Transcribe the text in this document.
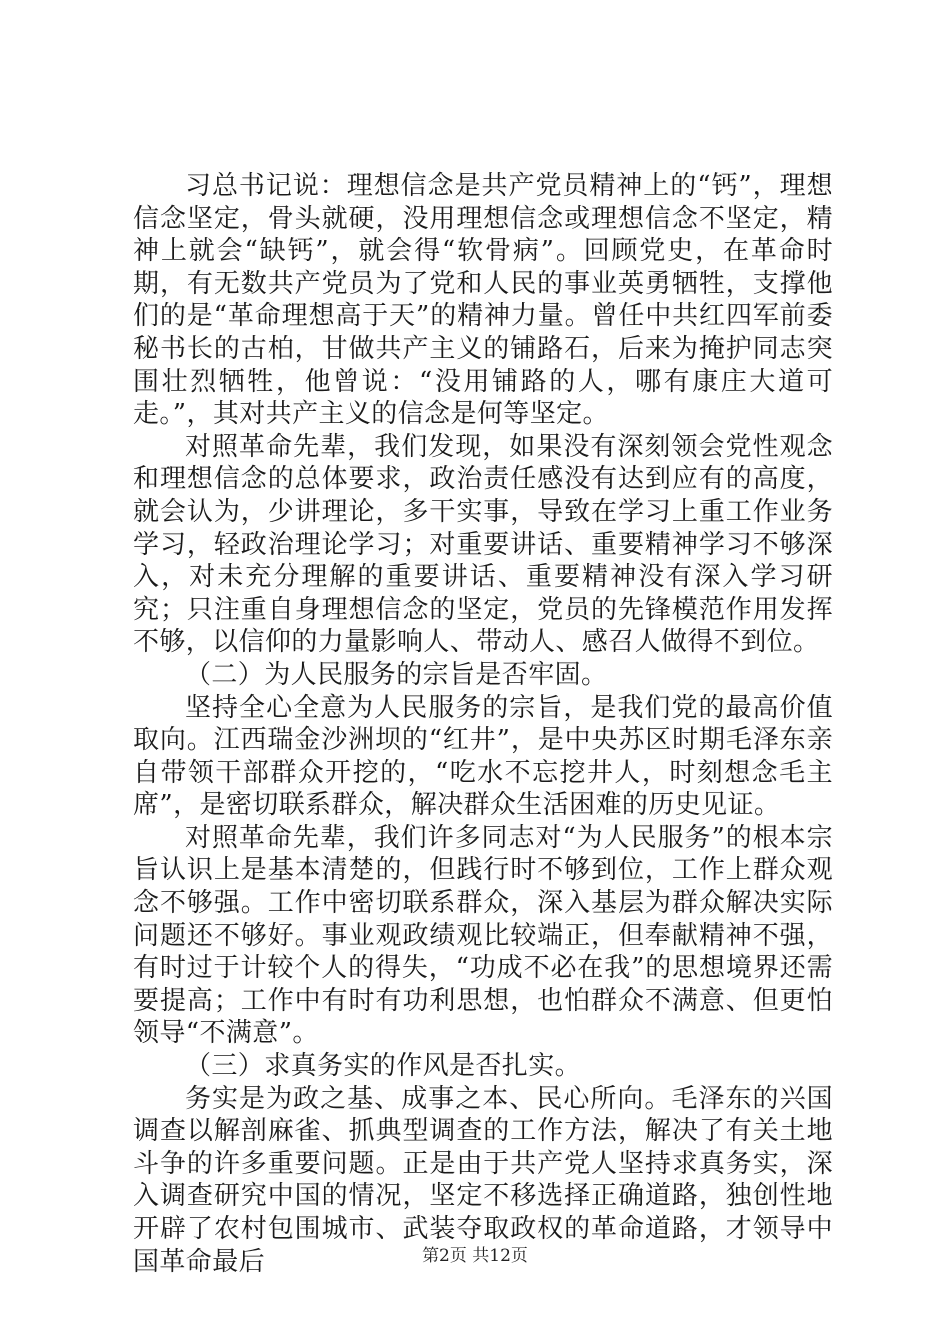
习总书记说：理想信念是共产党员精神上的“钙”，理想信念坚定，骨头就硬，没用理想信念或理想信念不坚定，精神上就会“缺钙”，就会得“软骨病”。回顾党史，在革命时期，有无数共产党员为了党和人民的事业英勇牺牲，支撑他们的是“革命理想高于天”的精神力量。曾任中共红四军前委秘书长的古柏，甘做共产主义的铺路石，后来为掩护同志突围壮烈牺牲，他曾说：“没用铺路的人，哪有康庄大道可走。”，其对共产主义的信念是何等坚定。

对照革命先辈，我们发现，如果没有深刻领会党性观念和理想信念的总体要求，政治责任感没有达到应有的高度，就会认为，少讲理论，多干实事，导致在学习上重工作业务学习，轻政治理论学习；对重要讲话、重要精神学习不够深入，对未充分理解的重要讲话、重要精神没有深入学习研究；只注重自身理想信念的坚定，党员的先锋模范作用发挥不够，以信仰的力量影响人、带动人、感召人做得不到位。

（二）为人民服务的宗旨是否牢固。

坚持全心全意为人民服务的宗旨，是我们党的最高价值取向。江西瑞金沙洲坝的“红井”，是中央苏区时期毛泽东亲自带领干部群众开挖的，“吃水不忘挖井人，时刻想念毛主席”，是密切联系群众，解决群众生活困难的历史见证。

对照革命先辈，我们许多同志对“为人民服务”的根本宗旨认识上是基本清楚的，但践行时不够到位，工作上群众观念不够强。工作中密切联系群众，深入基层为群众解决实际问题还不够好。事业观政绩观比较端正，但奉献精神不强，有时过于计较个人的得失，“功成不必在我”的思想境界还需要提高；工作中有时有功利思想，也怕群众不满意、但更怕领导“不满意”。

（三）求真务实的作风是否扎实。

务实是为政之基、成事之本、民心所向。毛泽东的兴国调查以解剖麻雀、抓典型调查的工作方法，解决了有关土地斗争的许多重要问题。正是由于共产党人坚持求真务实，深入调查研究中国的情况，坚定不移选择正确道路，独创性地开辟了农村包围城市、武装夺取政权的革命道路，才领导中国革命最后	第2页 共12页
